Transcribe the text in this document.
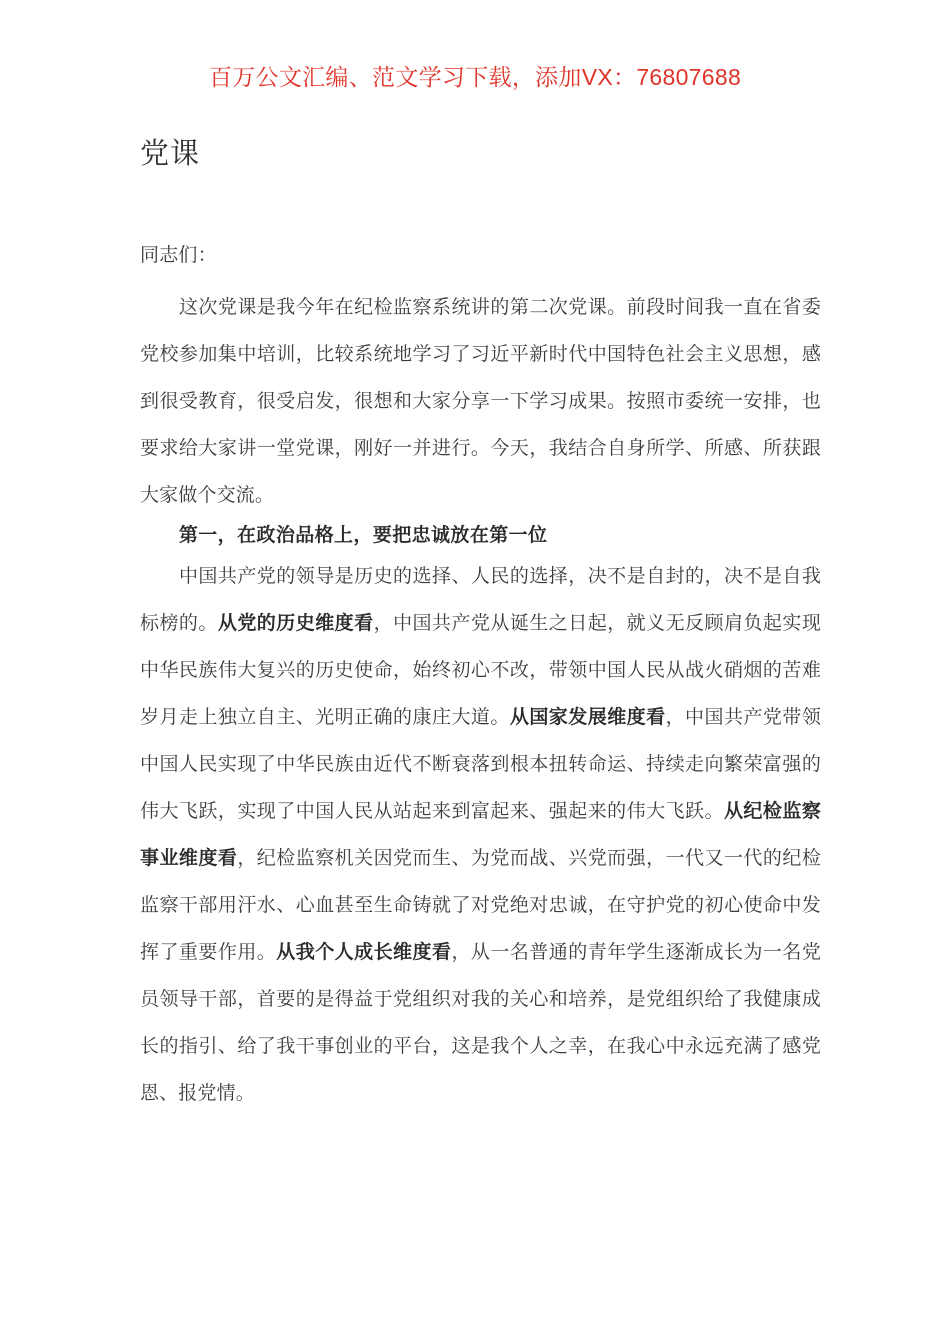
百万公文汇编、范文学习下载，添加VX：76807688
党课

同志们：

这次党课是我今年在纪检监察系统讲的第二次党课。前段时间我一直在省委党校参加集中培训，比较系统地学习了习近平新时代中国特色社会主义思想，感到很受教育，很受启发，很想和大家分享一下学习成果。按照市委统一安排，也要求给大家讲一堂党课，刚好一并进行。今天，我结合自身所学、所感、所获跟大家做个交流。

第一，在政治品格上，要把忠诚放在第一位

中国共产党的领导是历史的选择、人民的选择，决不是自封的，决不是自我标榜的。从党的历史维度看，中国共产党从诞生之日起，就义无反顾肩负起实现中华民族伟大复兴的历史使命，始终初心不改，带领中国人民从战火硝烟的苦难岁月走上独立自主、光明正确的康庄大道。从国家发展维度看，中国共产党带领中国人民实现了中华民族由近代不断衰落到根本扭转命运、持续走向繁荣富强的伟大飞跃，实现了中国人民从站起来到富起来、强起来的伟大飞跃。从纪检监察事业维度看，纪检监察机关因党而生、为党而战、兴党而强，一代又一代的纪检监察干部用汗水、心血甚至生命铸就了对党绝对忠诚，在守护党的初心使命中发挥了重要作用。从我个人成长维度看，从一名普通的青年学生逐渐成长为一名党员领导干部，首要的是得益于党组织对我的关心和培养，是党组织给了我健康成长的指引、给了我干事创业的平台，这是我个人之幸，在我心中永远充满了感党恩、报党情。
